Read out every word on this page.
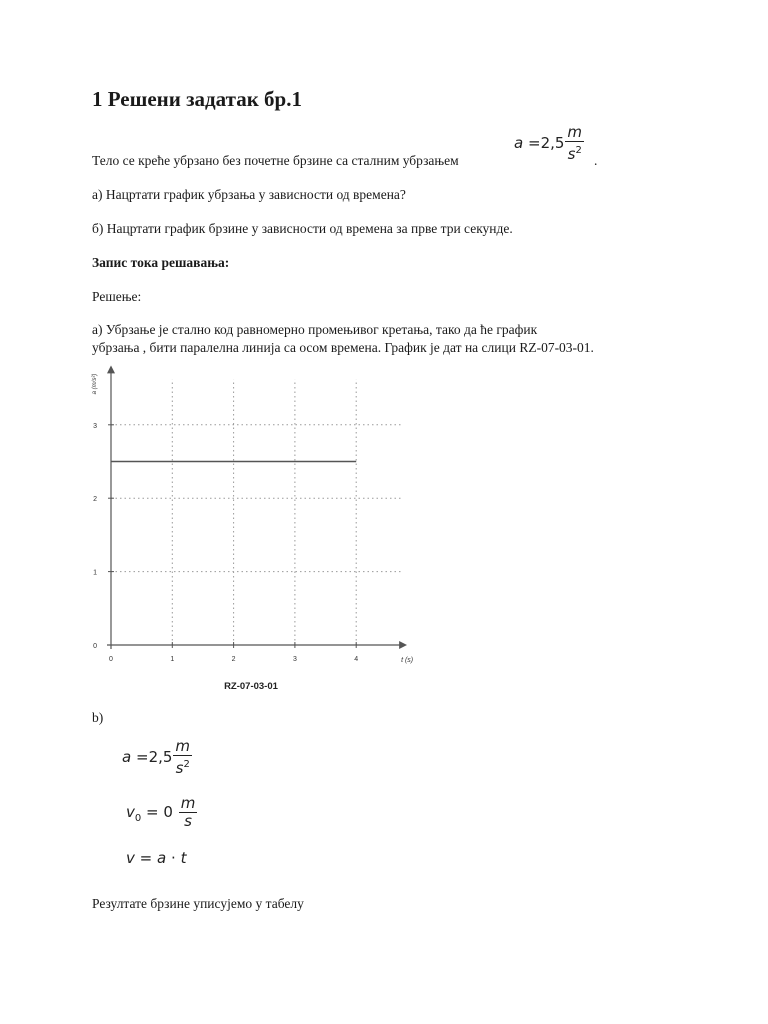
1 Решени задатак бр.1
$a =2,5 \frac{m}{s^2}$
Тело се креће убрзано без почетне брзине са сталним убрзањем	.
а) Нацртати график убрзања у зависности од времена?
б) Нацртати график брзине у зависности од времена за прве три секунде.
Запис тока решавања:
Решење:
а) Убрзање је стално код равномерно промењивог кретања, тако да ће график
убрзања , бити паралелна линија са осом времена. График је дат на слици RZ-07-03-01.
0	1	2	3	4
0
1
2
3
t (s)
a (m/s²)
RZ-07-03-01
b)
$a =2,5 \frac{m}{s^2}$
$v_0 = 0 \frac{m}{s}$
v = a · t
Резултате брзине уписујемо у табелу
